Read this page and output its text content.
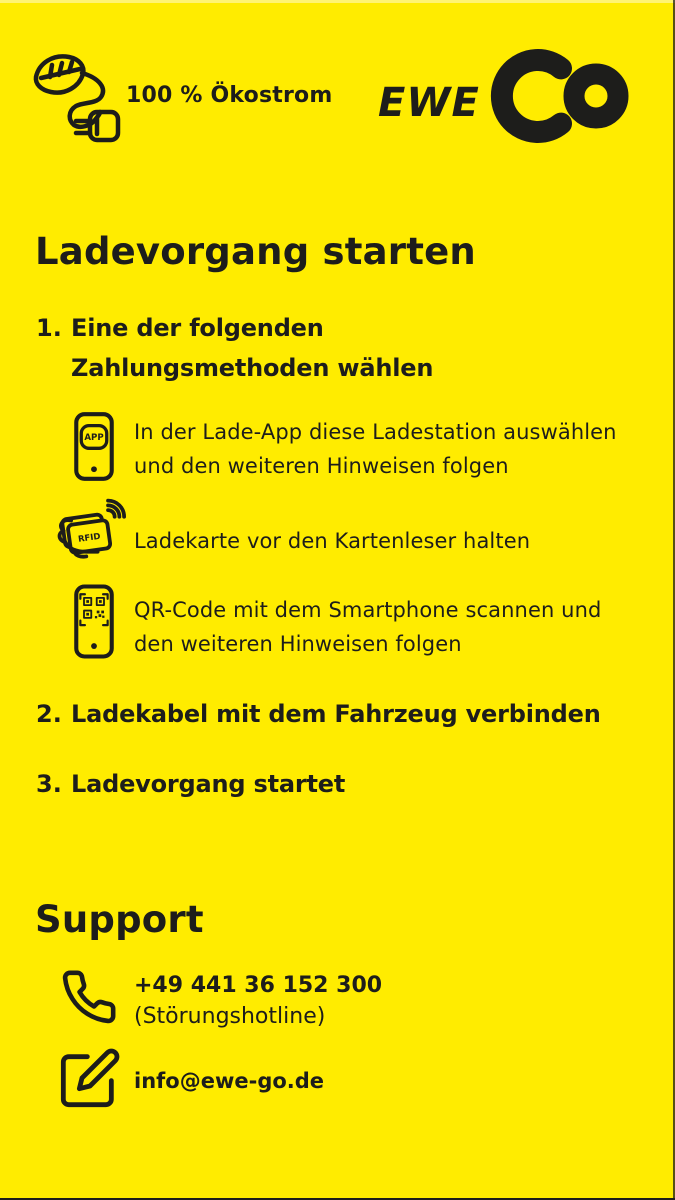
100 % Ökostrom EWE
Ladevorgang starten
1. Eine der folgenden
Zahlungsmethoden wählen
APP In der Lade-App diese Ladestation auswählen
und den weiteren Hinweisen folgen
RFID Ladekarte vor den Kartenleser halten
QR-Code mit dem Smartphone scannen und
den weiteren Hinweisen folgen
2. Ladekabel mit dem Fahrzeug verbinden
3. Ladevorgang startet
Support
+49 441 36 152 300
(Störungshotline)
info@ewe-go.de
